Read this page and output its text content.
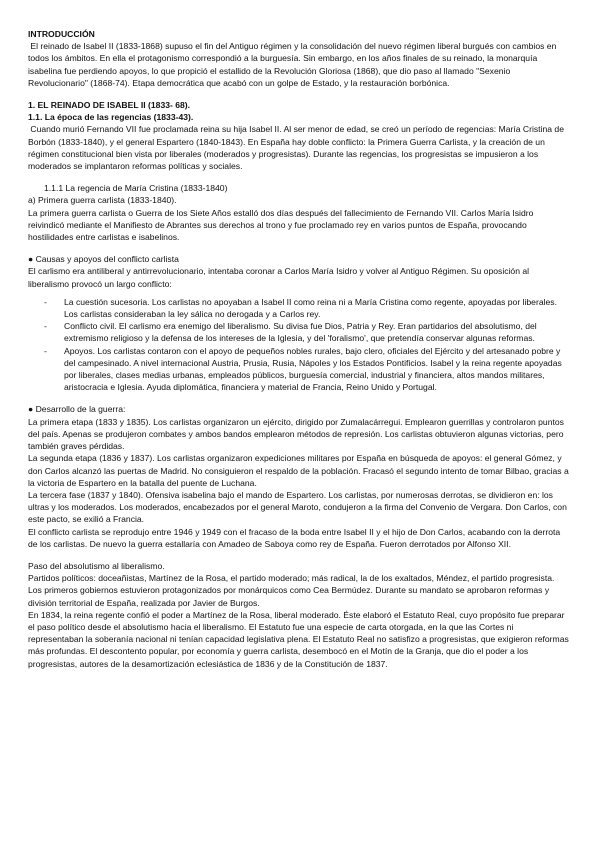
INTRODUCCIÓN

El reinado de Isabel II (1833-1868) supuso el fin del Antiguo régimen y la consolidación del nuevo régimen liberal burgués con cambios en todos los ámbitos. En ella el protagonismo correspondió a la burguesía. Sin embargo, en los años finales de su reinado, la monarquía isabelina fue perdiendo apoyos, lo que propició el estallido de la Revolución Gloriosa (1868), que dio paso al llamado "Sexenio Revolucionario" (1868-74). Etapa democrática que acabó con un golpe de Estado, y la restauración borbónica.

1. EL REINADO DE ISABEL II (1833- 68).

1.1. La época de las regencias (1833-43).

Cuando murió Fernando VII fue proclamada reina su hija Isabel II. Al ser menor de edad, se creó un período de regencias: María Cristina de Borbón (1833-1840), y el general Espartero (1840-1843). En España hay doble conflicto: la Primera Guerra Carlista, y la creación de un régimen constitucional bien vista por liberales (moderados y progresistas). Durante las regencias, los progresistas se impusieron a los moderados se implantaron reformas políticas y sociales.

1.1.1 La regencia de María Cristina (1833-1840)

a) Primera guerra carlista (1833-1840).

La primera guerra carlista o Guerra de los Siete Años estalló dos días después del fallecimiento de Fernando VII. Carlos María Isidro reivindicó mediante el Manifiesto de Abrantes sus derechos al trono y fue proclamado rey en varios puntos de España, provocando hostilidades entre carlistas e isabelinos.

● Causas y apoyos del conflicto carlista

El carlismo era antiliberal y antirrevolucionario, intentaba coronar a Carlos María Isidro y volver al Antiguo Régimen. Su oposición al liberalismo provocó un largo conflicto:

- La cuestión sucesoria. Los carlistas no apoyaban a Isabel II como reina ni a María Cristina como regente, apoyadas por liberales. Los carlistas consideraban la ley sálica no derogada y a Carlos rey.
- Conflicto civil. El carlismo era enemigo del liberalismo. Su divisa fue Dios, Patria y Rey. Eran partidarios del absolutismo, del extremismo religioso y la defensa de los intereses de la Iglesia, y del 'foralismo', que pretendía conservar algunas reformas.
- Apoyos. Los carlistas contaron con el apoyo de pequeños nobles rurales, bajo clero, oficiales del Ejército y del artesanado pobre y del campesinado. A nivel internacional Austria, Prusia, Rusia, Nápoles y los Estados Pontificios. Isabel y la reina regente apoyadas por liberales, clases medias urbanas, empleados públicos, burguesía comercial, industrial y financiera, altos mandos militares, aristocracia e Iglesia. Ayuda diplomática, financiera y material de Francia, Reino Unido y Portugal.

● Desarrollo de la guerra:

La primera etapa (1833 y 1835). Los carlistas organizaron un ejército, dirigido por Zumalacárregui. Emplearon guerrillas y controlaron puntos del país. Apenas se produjeron combates y ambos bandos emplearon métodos de represión. Los carlistas obtuvieron algunas victorias, pero también graves pérdidas.

La segunda etapa (1836 y 1837). Los carlistas organizaron expediciones militares por España en búsqueda de apoyos: el general Gómez, y don Carlos alcanzó las puertas de Madrid. No consiguieron el respaldo de la población. Fracasó el segundo intento de tomar Bilbao, gracias a la victoria de Espartero en la batalla del puente de Luchana.

La tercera fase (1837 y 1840). Ofensiva isabelina bajo el mando de Espartero. Los carlistas, por numerosas derrotas, se dividieron en: los ultras y los moderados. Los moderados, encabezados por el general Maroto, condujeron a la firma del Convenio de Vergara. Don Carlos, con este pacto, se exilió a Francia.

El conflicto carlista se reprodujo entre 1946 y 1949 con el fracaso de la boda entre Isabel II y el hijo de Don Carlos, acabando con la derrota de los carlistas. De nuevo la guerra estallaría con Amadeo de Saboya como rey de España. Fueron derrotados por Alfonso XII.

Paso del absolutismo al liberalismo.

Partidos políticos: doceañistas, Martínez de la Rosa, el partido moderado; más radical, la de los exaltados, Méndez, el partido progresista.

Los primeros gobiernos estuvieron protagonizados por monárquicos como Cea Bermúdez. Durante su mandato se aprobaron reformas y división territorial de España, realizada por Javier de Burgos.

En 1834, la reina regente confió el poder a Martínez de la Rosa, liberal moderado. Éste elaboró el Estatuto Real, cuyo propósito fue preparar el paso político desde el absolutismo hacia el liberalismo. El Estatuto fue una especie de carta otorgada, en la que las Cortes ni representaban la soberanía nacional ni tenían capacidad legislativa plena. El Estatuto Real no satisfizo a progresistas, que exigieron reformas más profundas. El descontento popular, por economía y guerra carlista, desembocó en el Motín de la Granja, que dio el poder a los progresistas, autores de la desamortización eclesiástica de 1836 y de la Constitución de 1837.
